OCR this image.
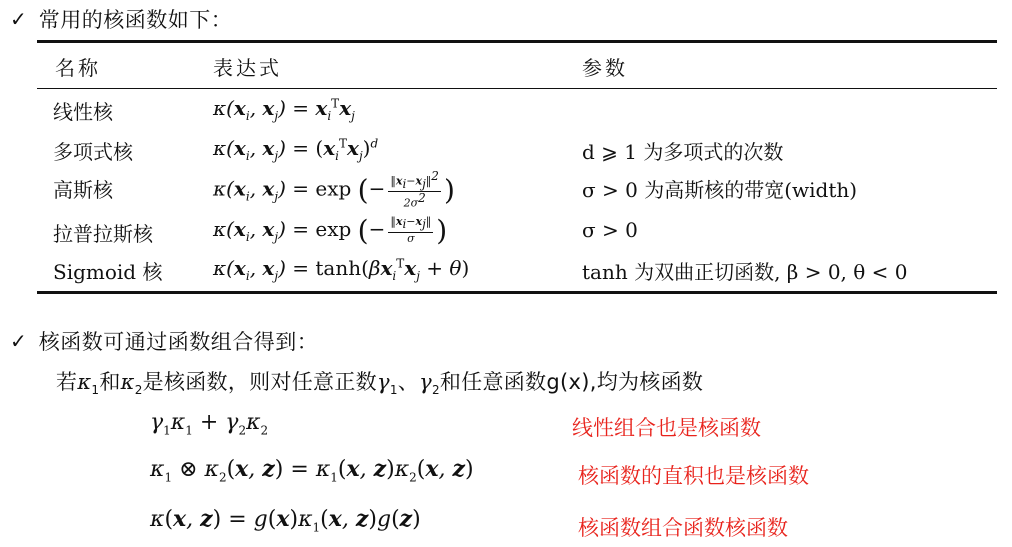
✓ 常用的核函数如下：
名称	表达式	参数
线性核	$\kappa(x_i$, $x_j) = x_i^Tx_j$
多项式核	$\kappa(x_i$, $x_j) = (x_i^Tx_j)^d$	d ⩾ 1 为多项式的次数
高斯核	$\kappa(x_i$, $x_j) = \exp$ (− $\frac{‖x_i-x_j‖^2}{2\sigma^2}$ )	σ > 0 为高斯核的带宽(width)
拉普拉斯核	$\kappa(x_i$, $x_j) = \exp$ (− $\frac{‖x_i-x_j‖}{\sigma}$ )	σ > 0
Sigmoid 核	$\kappa(x_i$, $x_j) = \tanh(\beta x_i^Tx_j + \theta)$	tanh 为双曲正切函数, β > 0, θ < 0
✓ 核函数可通过函数组合得到：
若$\kappa_1$和$\kappa_2$是核函数，则对任意正数$\gamma_1$、$\gamma_2$和任意函数g(x),均为核函数
$\gamma_1\kappa_1 + \gamma_2\kappa_2$	线性组合也是核函数
$\kappa_1$ ⊗ $\kappa_2(x$, $z) = \kappa_1(x$, $z)\kappa_2(x$, z)	核函数的直积也是核函数
κ(x, $z) = g(x)\kappa_1(x$, z)g(z)	核函数组合函数核函数
